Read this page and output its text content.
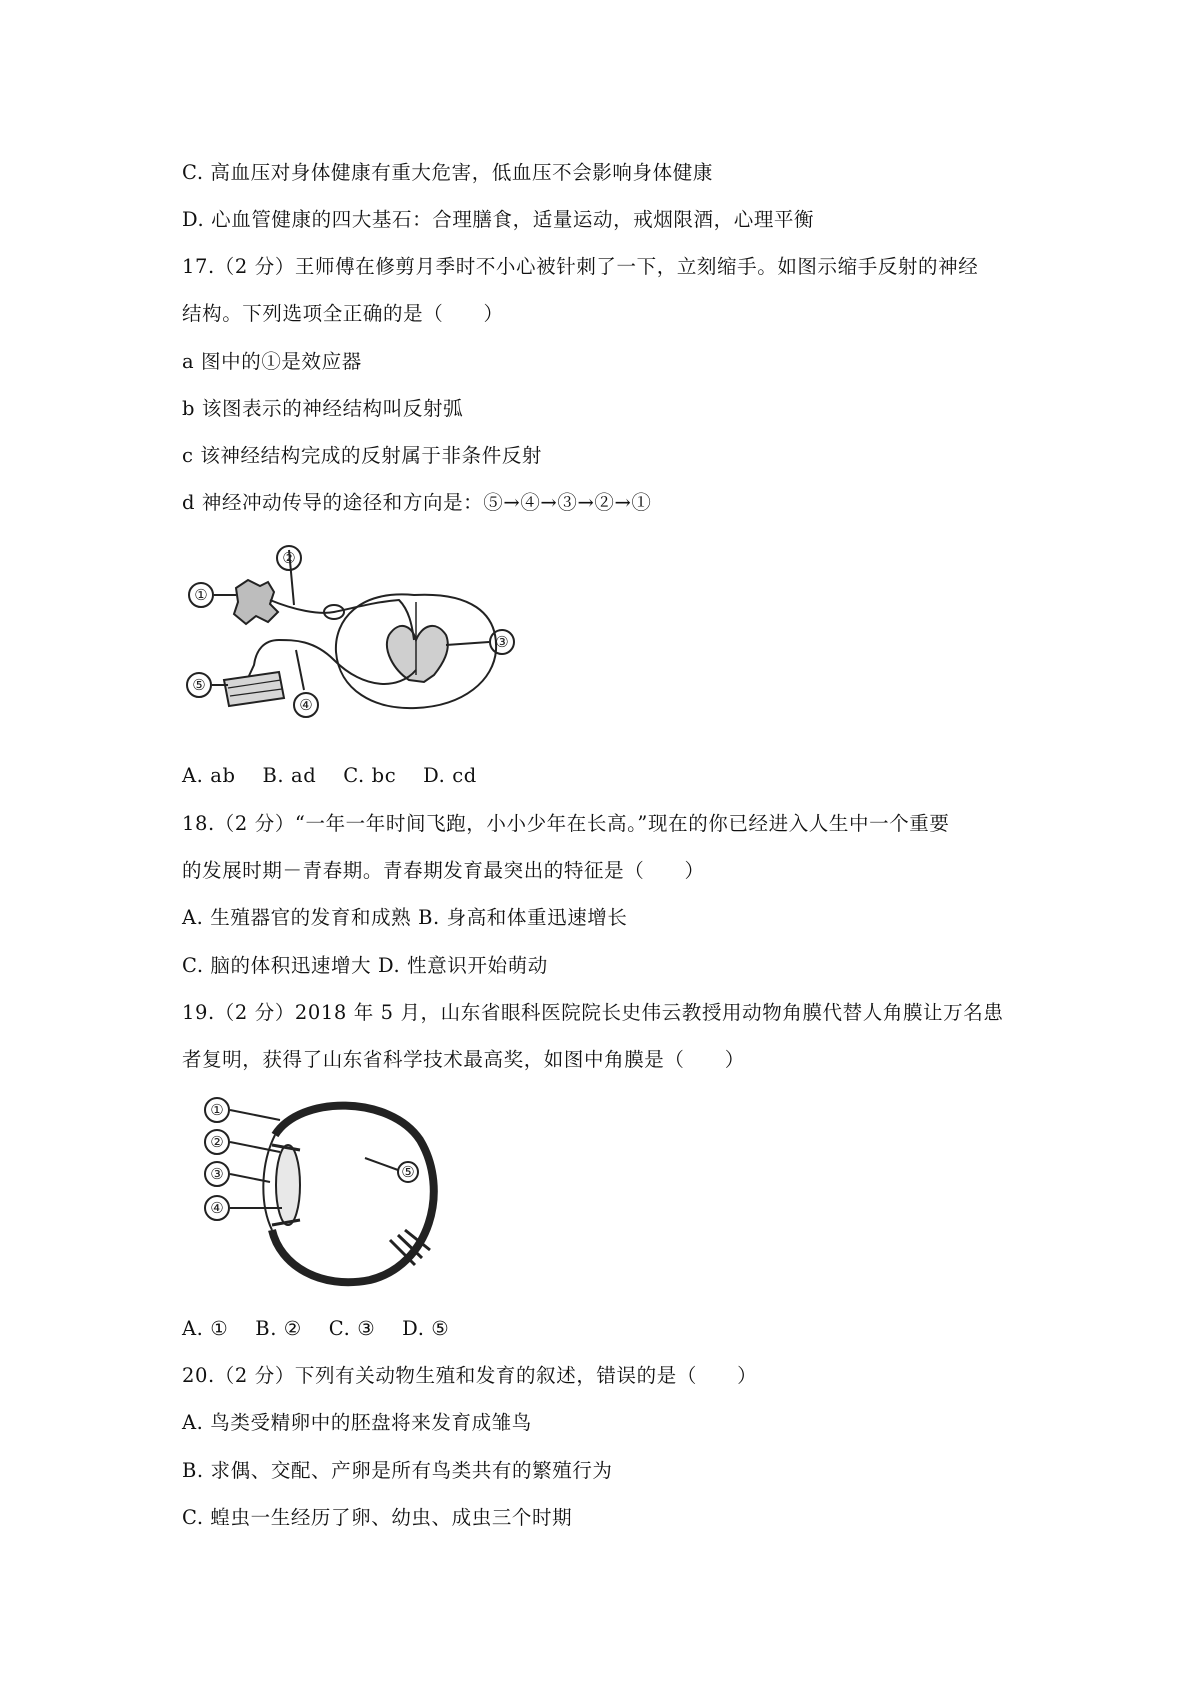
C. 高血压对身体健康有重大危害，低血压不会影响身体健康
D. 心血管健康的四大基石：合理膳食，适量运动，戒烟限酒，心理平衡
17.（2 分）王师傅在修剪月季时不小心被针刺了一下，立刻缩手。如图示缩手反射的神经
结构。下列选项全正确的是（　　）
a 图中的①是效应器
b 该图表示的神经结构叫反射弧
c 该神经结构完成的反射属于非条件反射
d 神经冲动传导的途径和方向是：⑤→④→③→②→①
①
②
③
④
⑤
A. ab　 B. ad　 C. bc　 D. cd
18.（2 分）“一年一年时间飞跑，小小少年在长高。”现在的你已经进入人生中一个重要
的发展时期－青春期。青春期发育最突出的特征是（　　）
A. 生殖器官的发育和成熟 B. 身高和体重迅速增长
C. 脑的体积迅速增大 D. 性意识开始萌动
19.（2 分）2018 年 5 月，山东省眼科医院院长史伟云教授用动物角膜代替人角膜让万名患
者复明，获得了山东省科学技术最高奖，如图中角膜是（　　）
①
②
③
④
⑤
A. ①　 B. ②　 C. ③　 D. ⑤
20.（2 分）下列有关动物生殖和发育的叙述，错误的是（　　）
A. 鸟类受精卵中的胚盘将来发育成雏鸟
B. 求偶、交配、产卵是所有鸟类共有的繁殖行为
C. 蝗虫一生经历了卵、幼虫、成虫三个时期
